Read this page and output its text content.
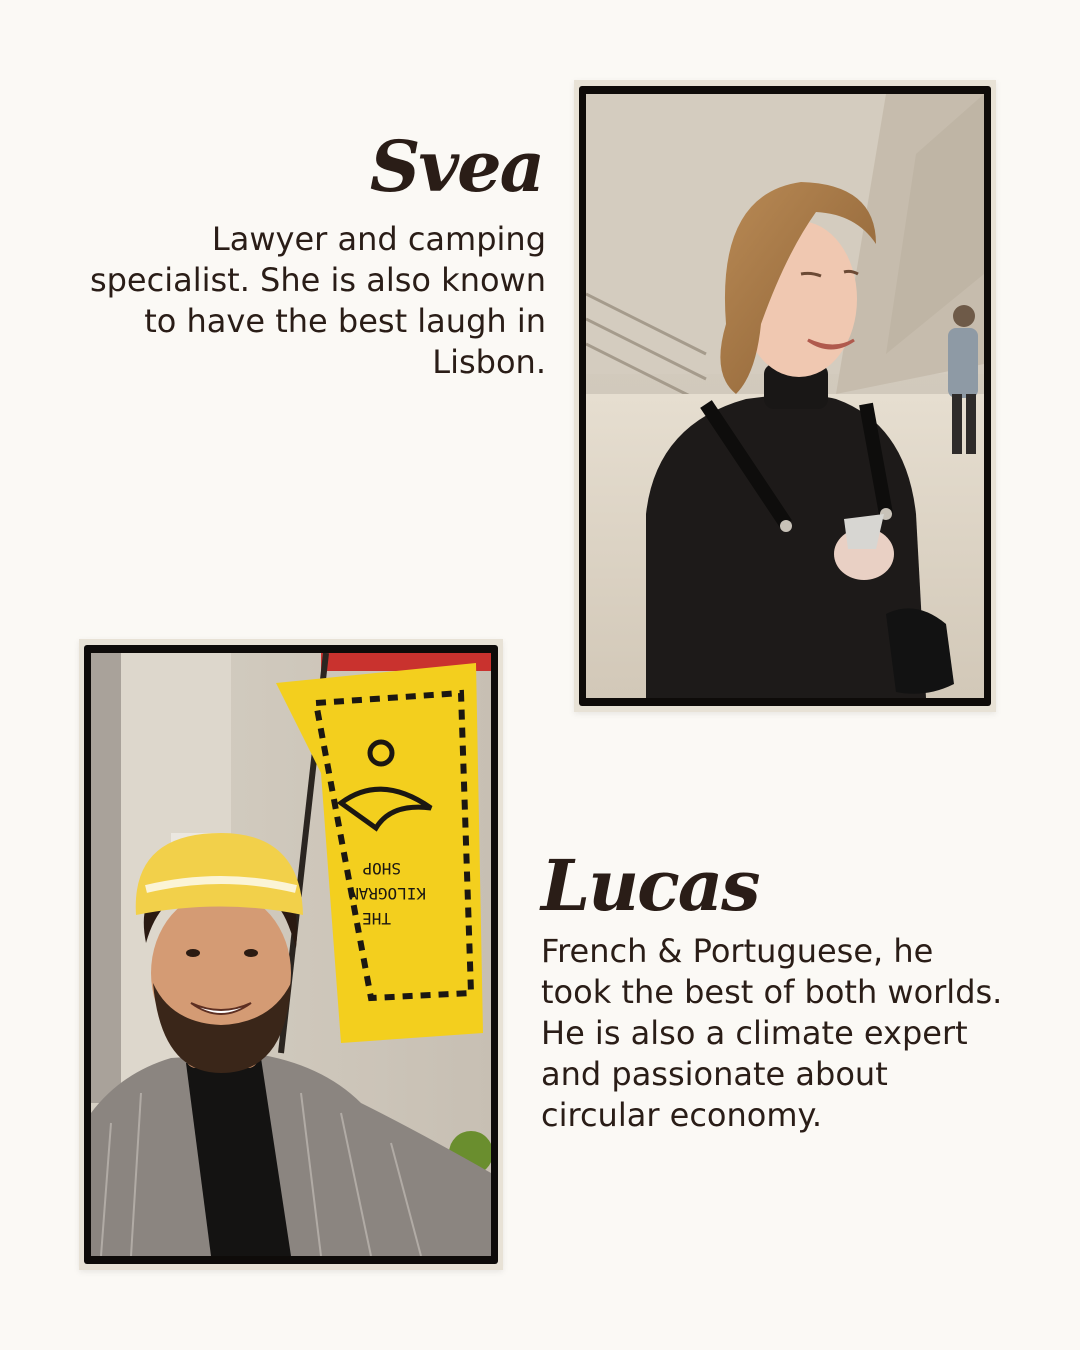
Svea

Lawyer and camping specialist. She is also known to have the best laugh in Lisbon.

THE
KILOGRAM
SHOP Lucas

French & Portuguese, he took the best of both worlds. He is also a climate expert and passionate about circular economy.
